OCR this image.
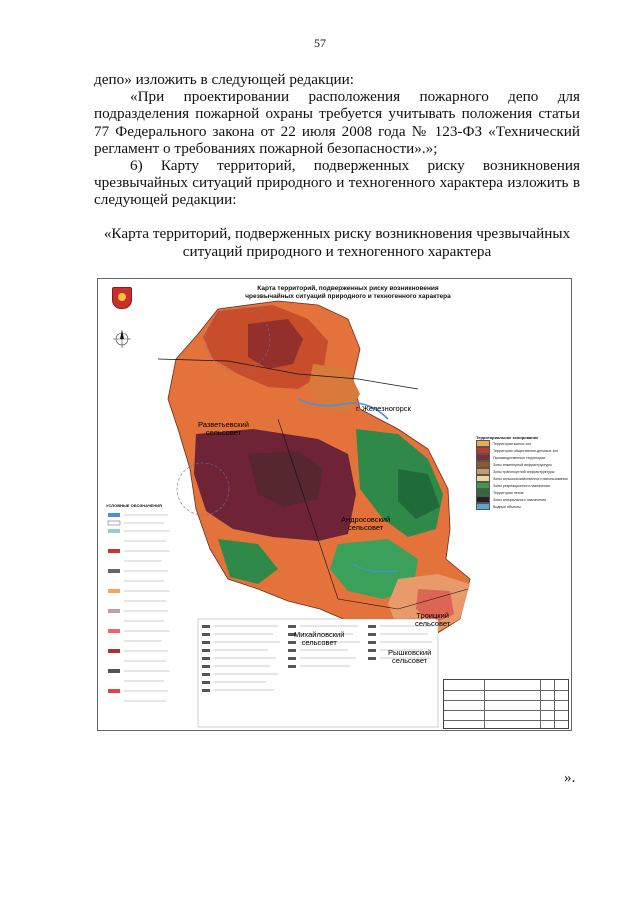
57

депо» изложить в следующей редакции:

«При проектировании расположения пожарного депо для подразделения пожарной охраны требуется учитывать положения статьи 77 Федерального закона от 22 июля 2008 года № 123-ФЗ «Технический регламент о требованиях пожарной безопасности».»;

6) Карту территорий, подверженных риску возникновения чрезвычайных ситуаций природного и техногенного характера изложить в следующей редакции:

«Карта территорий, подверженных риску возникновения чрезвычайных
ситуаций природного и техногенного характера
Карта территорий, подверженных риску возникновения
чрезвычайных ситуаций природного и техногенного характера
г. Железногорск
Разветьевский
сельсовет
Андросовский
сельсовет
Михайловский
сельсовет
Троицкий
сельсовет
Рышковский
сельсовет
УСЛОВНЫЕ ОБОЗНАЧЕНИЯ
Территориальное зонирование
Территории жилых зон
Территории общественно-деловых зон
Производственные территории
Зоны инженерной инфраструктуры
Зоны транспортной инфраструктуры
Зоны сельскохозяйственного использования
Зоны рекреационного назначения
Территории лесов
Зоны специального назначения
Водные объекты
».
